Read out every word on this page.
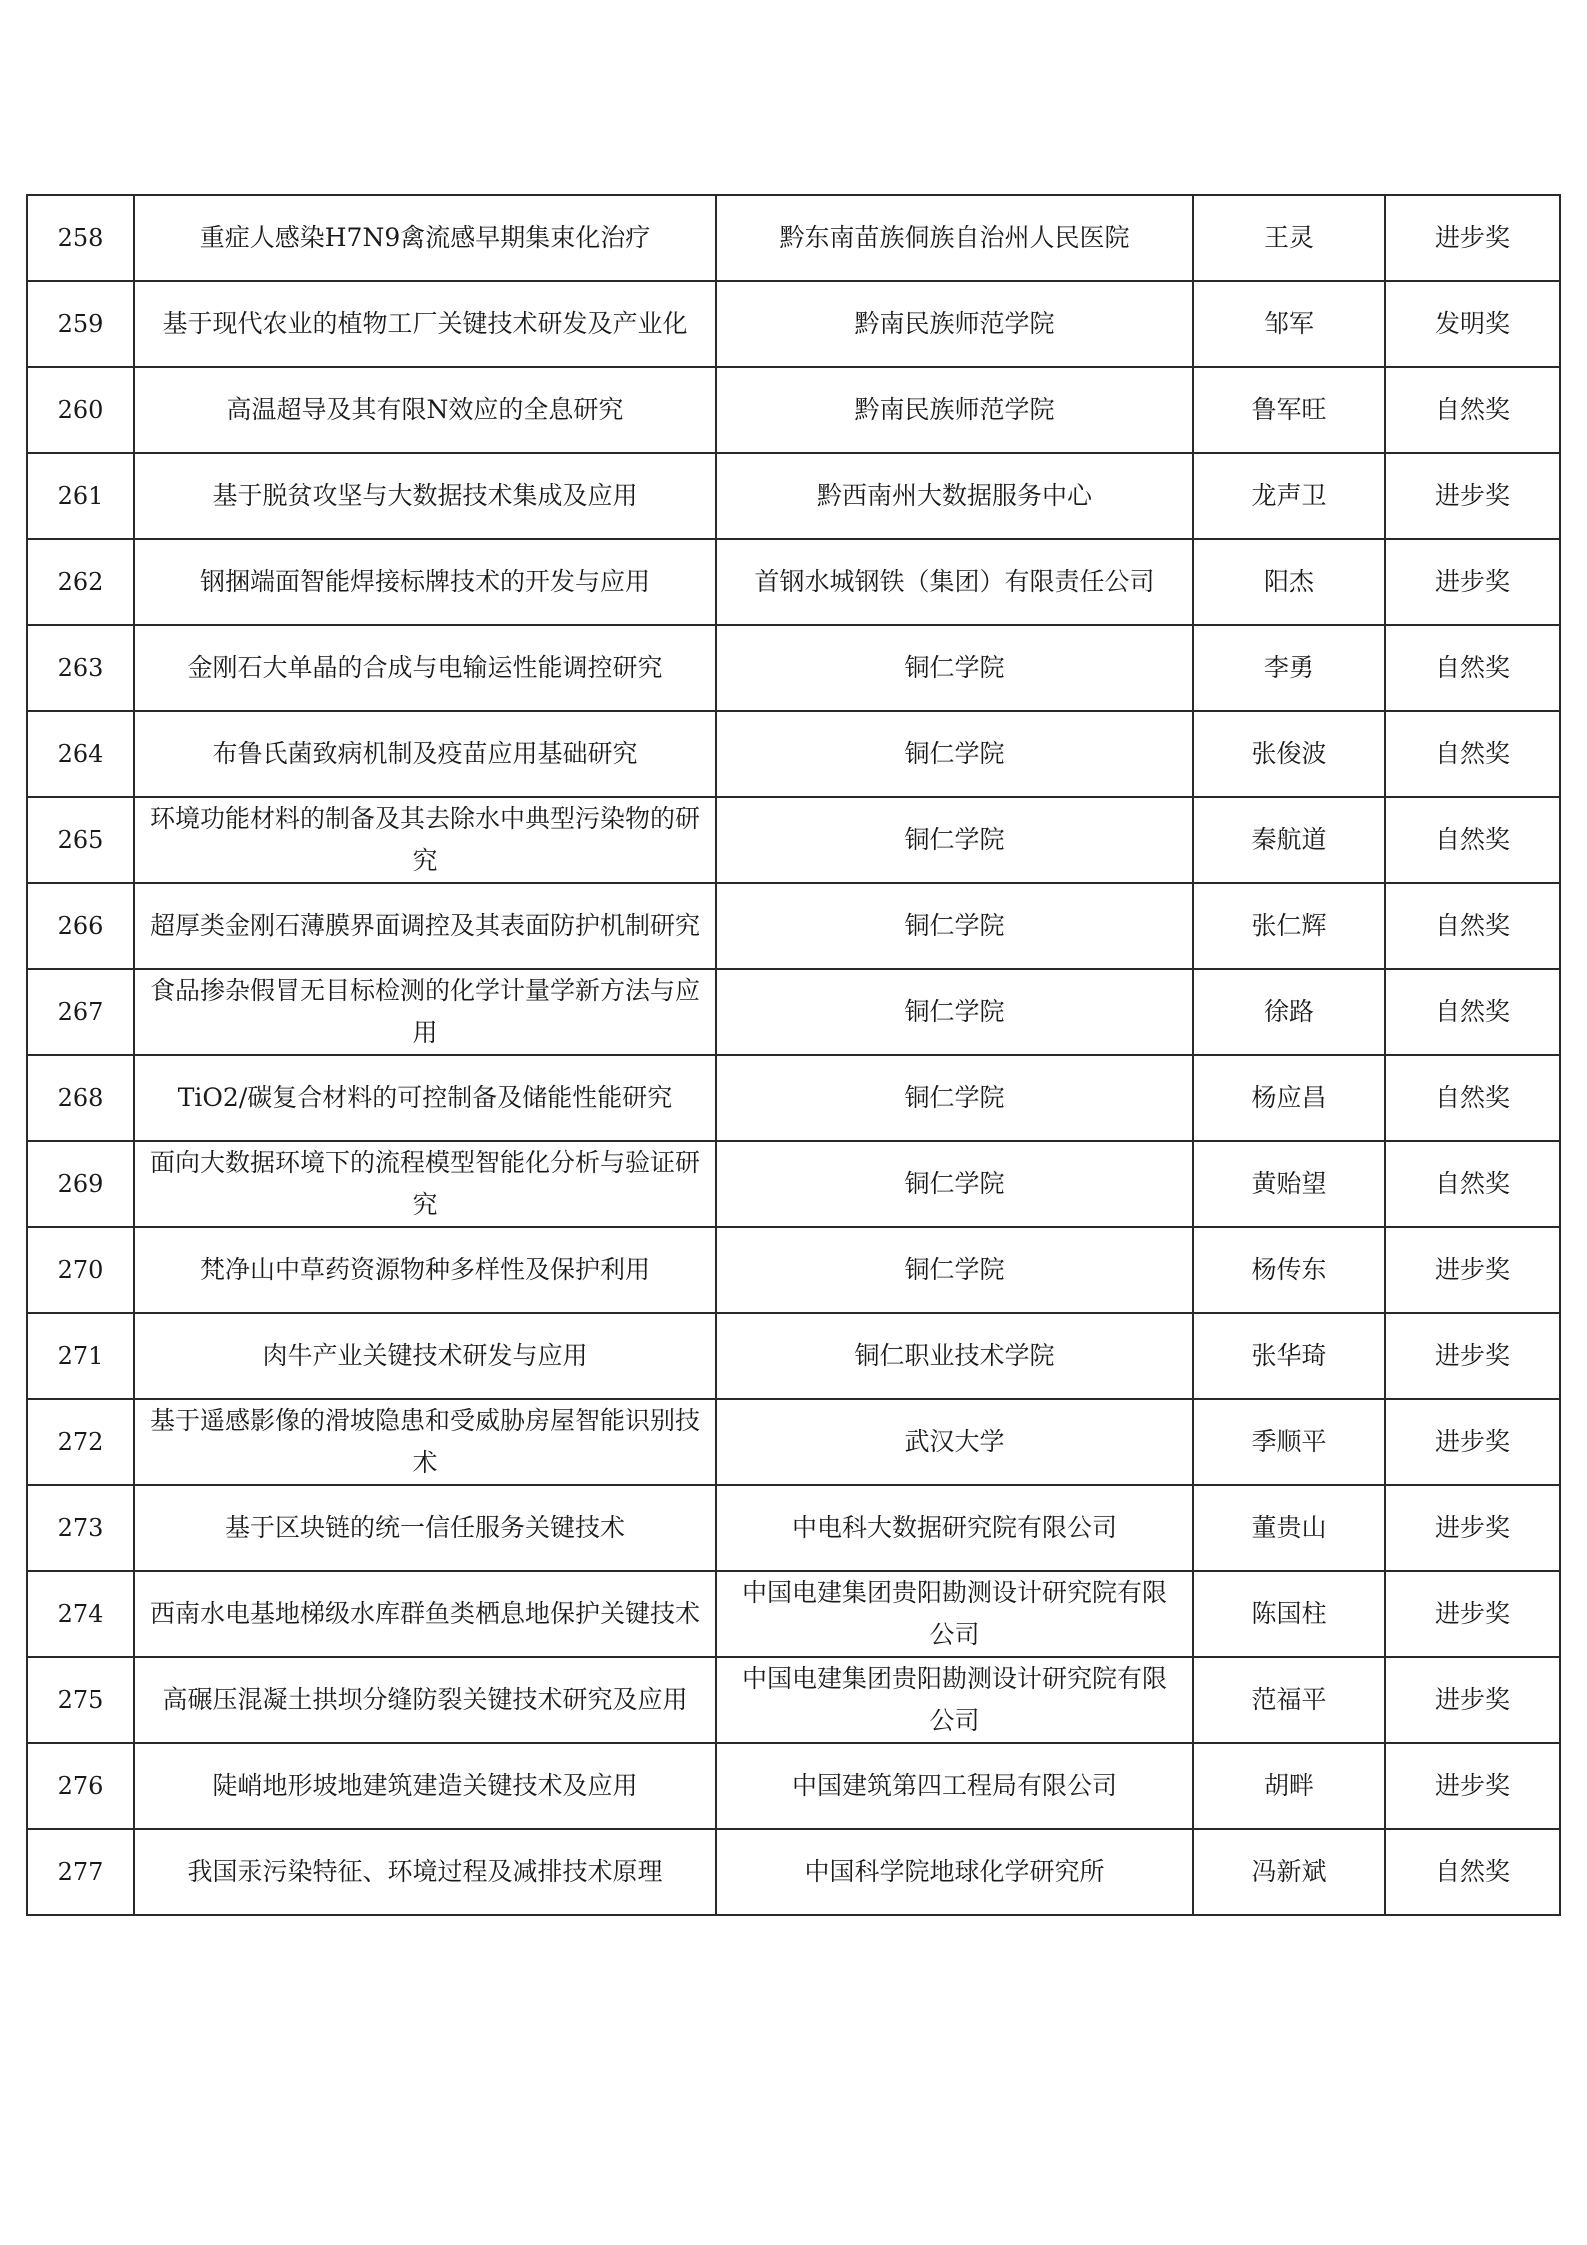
258	重症人感染H7N9禽流感早期集束化治疗	黔东南苗族侗族自治州人民医院	王灵	进步奖
259	基于现代农业的植物工厂关键技术研发及产业化	黔南民族师范学院	邹军	发明奖
260	高温超导及其有限N效应的全息研究	黔南民族师范学院	鲁军旺	自然奖
261	基于脱贫攻坚与大数据技术集成及应用	黔西南州大数据服务中心	龙声卫	进步奖
262	钢捆端面智能焊接标牌技术的开发与应用	首钢水城钢铁（集团）有限责任公司	阳杰	进步奖
263	金刚石大单晶的合成与电输运性能调控研究	铜仁学院	李勇	自然奖
264	布鲁氏菌致病机制及疫苗应用基础研究	铜仁学院	张俊波	自然奖
265	环境功能材料的制备及其去除水中典型污染物的研究	铜仁学院	秦航道	自然奖
266	超厚类金刚石薄膜界面调控及其表面防护机制研究	铜仁学院	张仁辉	自然奖
267	食品掺杂假冒无目标检测的化学计量学新方法与应用	铜仁学院	徐路	自然奖
268	TiO2/碳复合材料的可控制备及储能性能研究	铜仁学院	杨应昌	自然奖
269	面向大数据环境下的流程模型智能化分析与验证研究	铜仁学院	黄贻望	自然奖
270	梵净山中草药资源物种多样性及保护利用	铜仁学院	杨传东	进步奖
271	肉牛产业关键技术研发与应用	铜仁职业技术学院	张华琦	进步奖
272	基于遥感影像的滑坡隐患和受威胁房屋智能识别技术	武汉大学	季顺平	进步奖
273	基于区块链的统一信任服务关键技术	中电科大数据研究院有限公司	董贵山	进步奖
274	西南水电基地梯级水库群鱼类栖息地保护关键技术	中国电建集团贵阳勘测设计研究院有限公司	陈国柱	进步奖
275	高碾压混凝土拱坝分缝防裂关键技术研究及应用	中国电建集团贵阳勘测设计研究院有限公司	范福平	进步奖
276	陡峭地形坡地建筑建造关键技术及应用	中国建筑第四工程局有限公司	胡畔	进步奖
277	我国汞污染特征、环境过程及减排技术原理	中国科学院地球化学研究所	冯新斌	自然奖
